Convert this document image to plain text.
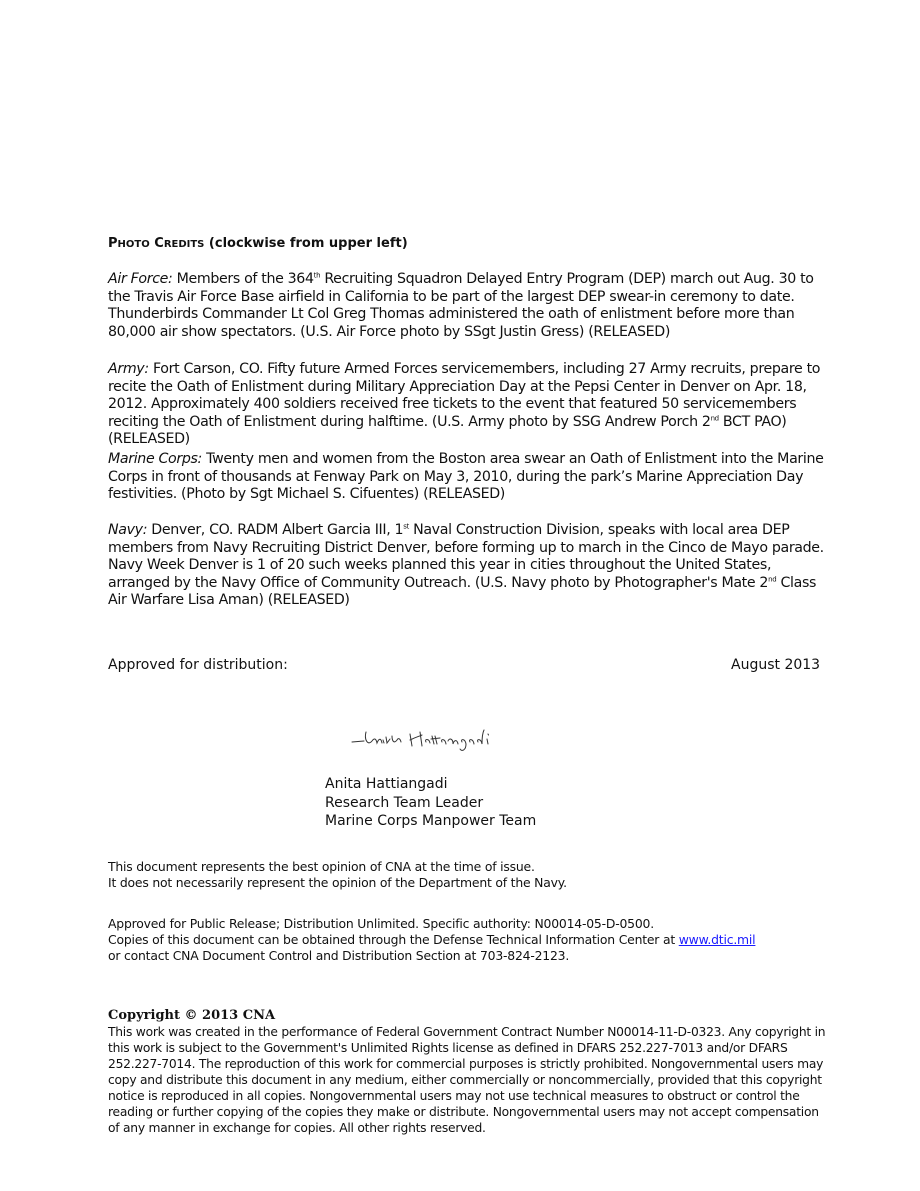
PHOTO CREDITS (clockwise from upper left)
Air Force: Members of the 364th Recruiting Squadron Delayed Entry Program (DEP) march out Aug. 30 to the Travis Air Force Base airfield in California to be part of the largest DEP swear-in ceremony to date. Thunderbirds Commander Lt Col Greg Thomas administered the oath of enlistment before more than 80,000 air show spectators. (U.S. Air Force photo by SSgt Justin Gress) (RELEASED)
Army: Fort Carson, CO. Fifty future Armed Forces servicemembers, including 27 Army recruits, prepare to recite the Oath of Enlistment during Military Appreciation Day at the Pepsi Center in Denver on Apr. 18, 2012. Approximately 400 soldiers received free tickets to the event that featured 50 servicemembers reciting the Oath of Enlistment during halftime. (U.S. Army photo by SSG Andrew Porch 2nd BCT PAO) (RELEASED)
Marine Corps: Twenty men and women from the Boston area swear an Oath of Enlistment into the Marine Corps in front of thousands at Fenway Park on May 3, 2010, during the park’s Marine Appreciation Day festivities. (Photo by Sgt Michael S. Cifuentes) (RELEASED)
Navy: Denver, CO. RADM Albert Garcia III, 1st Naval Construction Division, speaks with local area DEP members from Navy Recruiting District Denver, before forming up to march in the Cinco de Mayo parade. Navy Week Denver is 1 of 20 such weeks planned this year in cities throughout the United States, arranged by the Navy Office of Community Outreach. (U.S. Navy photo by Photographer's Mate 2nd Class Air Warfare Lisa Aman) (RELEASED)
Approved for distribution:	August 2013
Anita Hattiangadi
Research Team Leader
Marine Corps Manpower Team
This document represents the best opinion of CNA at the time of issue.
It does not necessarily represent the opinion of the Department of the Navy.
Approved for Public Release; Distribution Unlimited. Specific authority: N00014-05-D-0500.
Copies of this document can be obtained through the Defense Technical Information Center at www.dtic.mil
or contact CNA Document Control and Distribution Section at 703-824-2123.
Copyright © 2013 CNA
This work was created in the performance of Federal Government Contract Number N00014-11-D-0323. Any copyright in this work is subject to the Government's Unlimited Rights license as defined in DFARS 252.227-7013 and/or DFARS 252.227-7014. The reproduction of this work for commercial purposes is strictly prohibited. Nongovernmental users may copy and distribute this document in any medium, either commercially or noncommercially, provided that this copyright notice is reproduced in all copies. Nongovernmental users may not use technical measures to obstruct or control the reading or further copying of the copies they make or distribute. Nongovernmental users may not accept compensation of any manner in exchange for copies. All other rights reserved.
